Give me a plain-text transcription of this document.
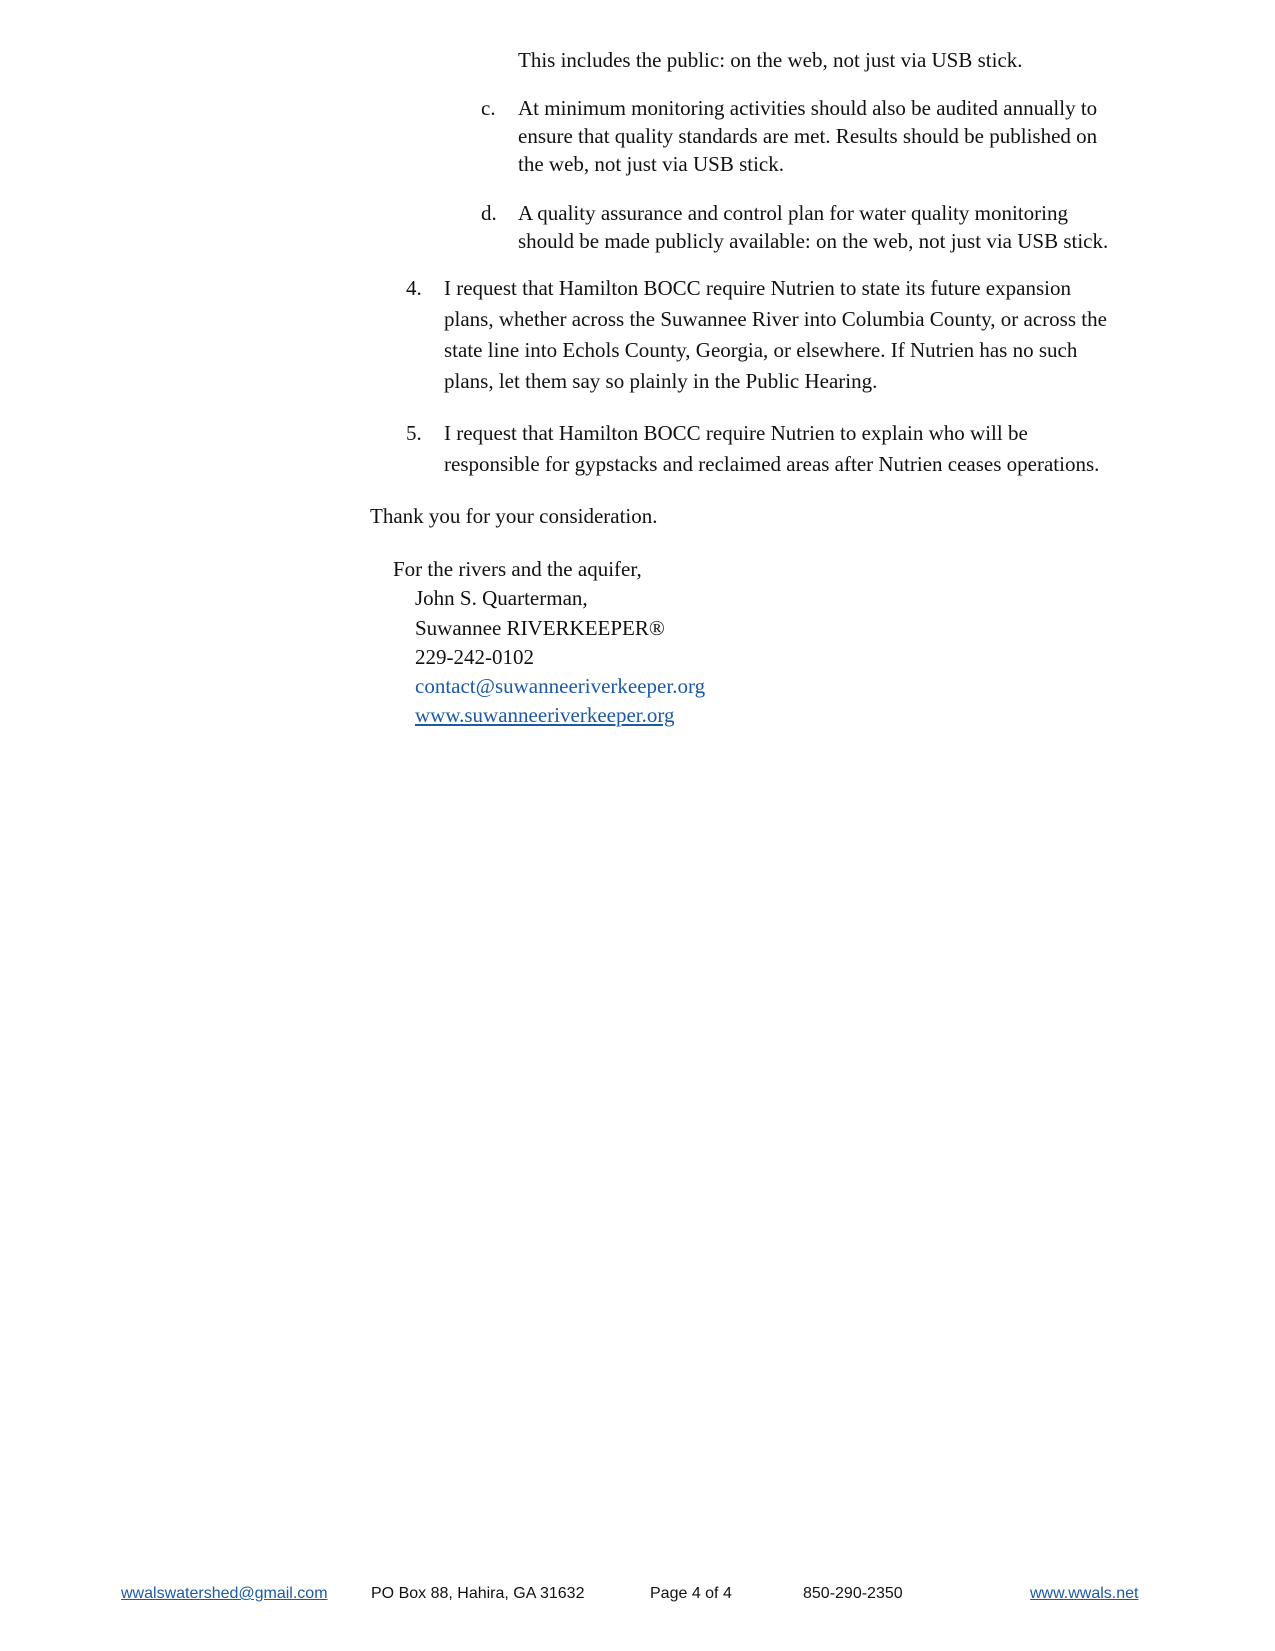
This includes the public: on the web, not just via USB stick.
c. At minimum monitoring activities should also be audited annually to
ensure that quality standards are met. Results should be published on
the web, not just via USB stick.
d. A quality assurance and control plan for water quality monitoring
should be made publicly available: on the web, not just via USB stick.
4. I request that Hamilton BOCC require Nutrien to state its future expansion
plans, whether across the Suwannee River into Columbia County, or across the
state line into Echols County, Georgia, or elsewhere. If Nutrien has no such
plans, let them say so plainly in the Public Hearing.
5. I request that Hamilton BOCC require Nutrien to explain who will be
responsible for gypstacks and reclaimed areas after Nutrien ceases operations.
Thank you for your consideration.
For the rivers and the aquifer,
John S. Quarterman,
Suwannee RIVERKEEPER®
229-242-0102
contact@suwanneeriverkeeper.org
www.suwanneeriverkeeper.org
wwalswatershed@gmail.com	PO Box 88, Hahira, GA 31632	Page 4 of 4	850-290-2350	www.wwals.net
